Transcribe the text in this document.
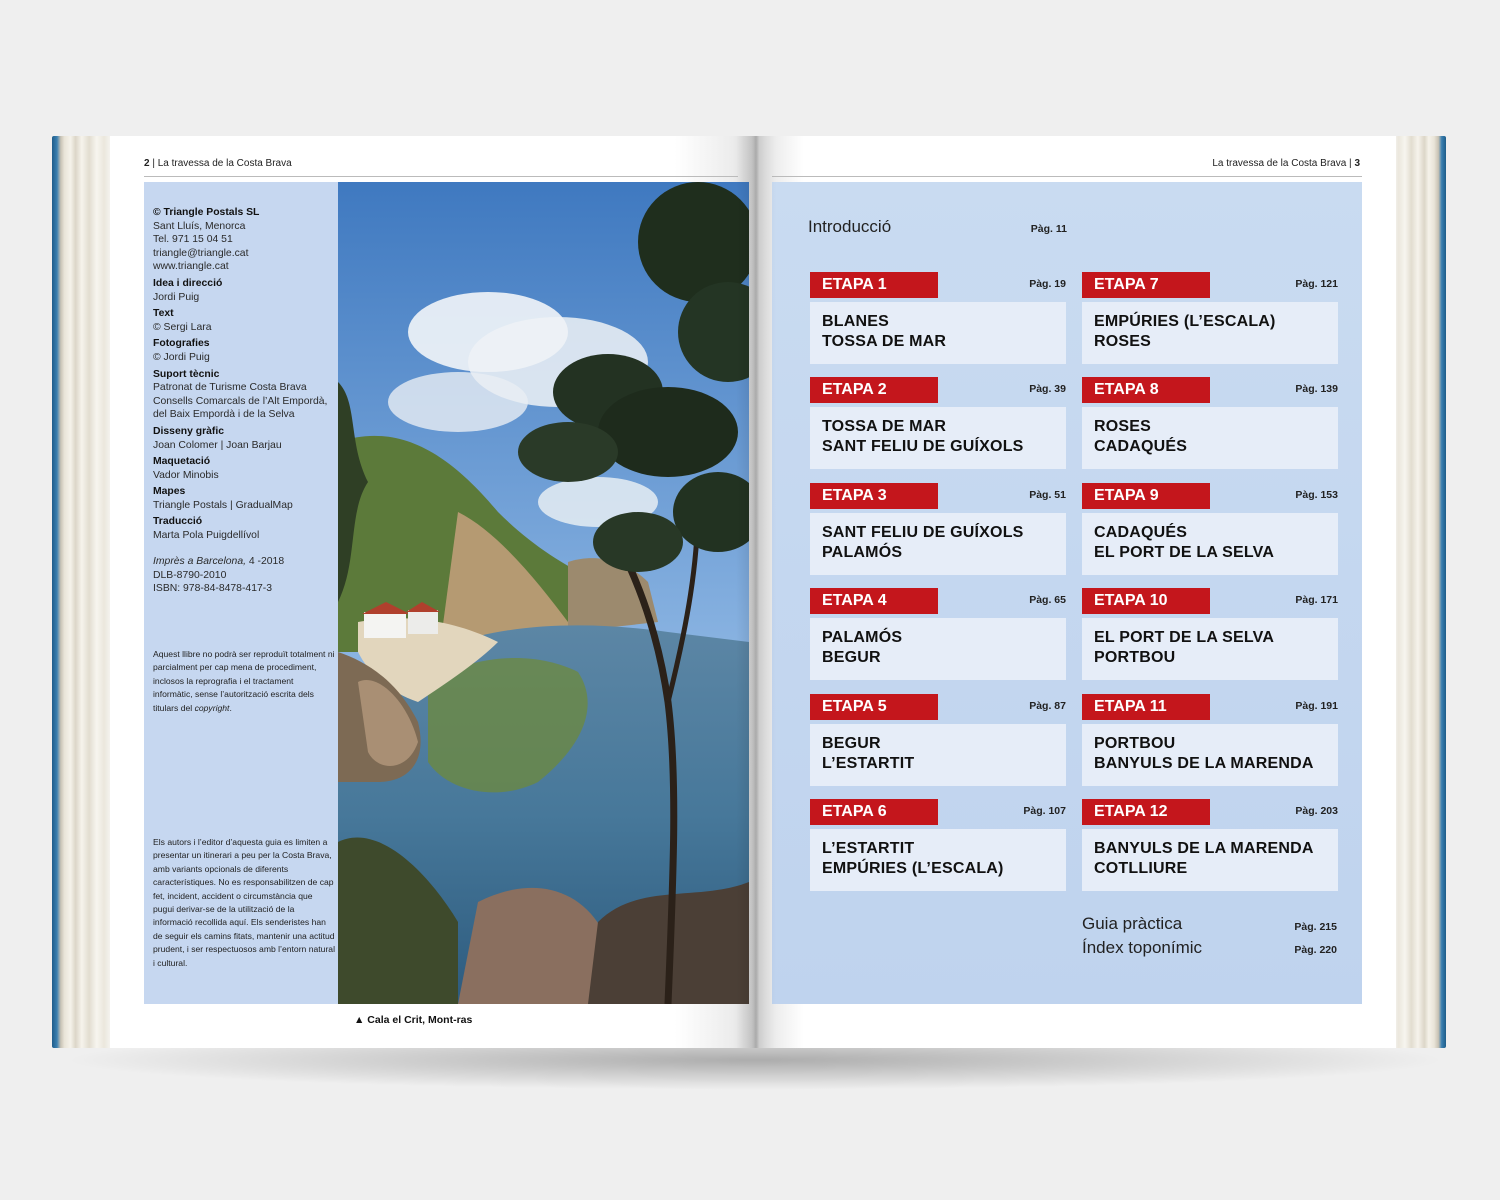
2 | La travessa de la Costa Brava	La travessa de la Costa Brava | 3
© Triangle Postals SL
Sant Lluís, Menorca
Tel. 971 15 04 51
triangle@triangle.cat
www.triangle.cat
Idea i direcció
Jordi Puig
Text
© Sergi Lara
Fotografies
© Jordi Puig
Suport tècnic
Patronat de Turisme Costa Brava
Consells Comarcals de l’Alt Empordà,
del Baix Empordà i de la Selva
Disseny gràfic
Joan Colomer | Joan Barjau
Maquetació
Vador Minobis
Mapes
Triangle Postals | GradualMap
Traducció
Marta Pola Puigdellívol
Imprès a Barcelona, 4 -2018
DLB-8790-2010
ISBN: 978-84-8478-417-3
Aquest llibre no podrà ser reproduït totalment ni parcialment per cap mena de procediment, inclosos la reprografia i el tractament informàtic, sense l’autorització escrita dels titulars del copyright.
Els autors i l’editor d’aquesta guia es limiten a presentar un itinerari a peu per la Costa Brava, amb variants opcionals de diferents característiques. No es responsabilitzen de cap fet, incident, accident o circumstància que pugui derivar-se de la utilització de la informació recollida aquí. Els senderistes han de seguir els camins fitats, mantenir una actitud prudent, i ser respectuosos amb l’entorn natural i cultural.
▲ Cala el Crit, Mont-ras
Introducció	Pàg. 11
ETAPA 1	Pàg. 19
BLANES
TOSSA DE MAR
ETAPA 2	Pàg. 39
TOSSA DE MAR
SANT FELIU DE GUÍXOLS
ETAPA 3	Pàg. 51
SANT FELIU DE GUÍXOLS
PALAMÓS
ETAPA 4	Pàg. 65
PALAMÓS
BEGUR
ETAPA 5	Pàg. 87
BEGUR
L’ESTARTIT
ETAPA 6	Pàg. 107
L’ESTARTIT
EMPÚRIES (L’ESCALA)
ETAPA 7	Pàg. 121
EMPÚRIES (L’ESCALA)
ROSES
ETAPA 8	Pàg. 139
ROSES
CADAQUÉS
ETAPA 9	Pàg. 153
CADAQUÉS
EL PORT DE LA SELVA
ETAPA 10	Pàg. 171
EL PORT DE LA SELVA
PORTBOU
ETAPA 11	Pàg. 191
PORTBOU
BANYULS DE LA MARENDA
ETAPA 12	Pàg. 203
BANYULS DE LA MARENDA
COTLLIURE
Guia pràctica	Pàg. 215
Índex toponímic	Pàg. 220
